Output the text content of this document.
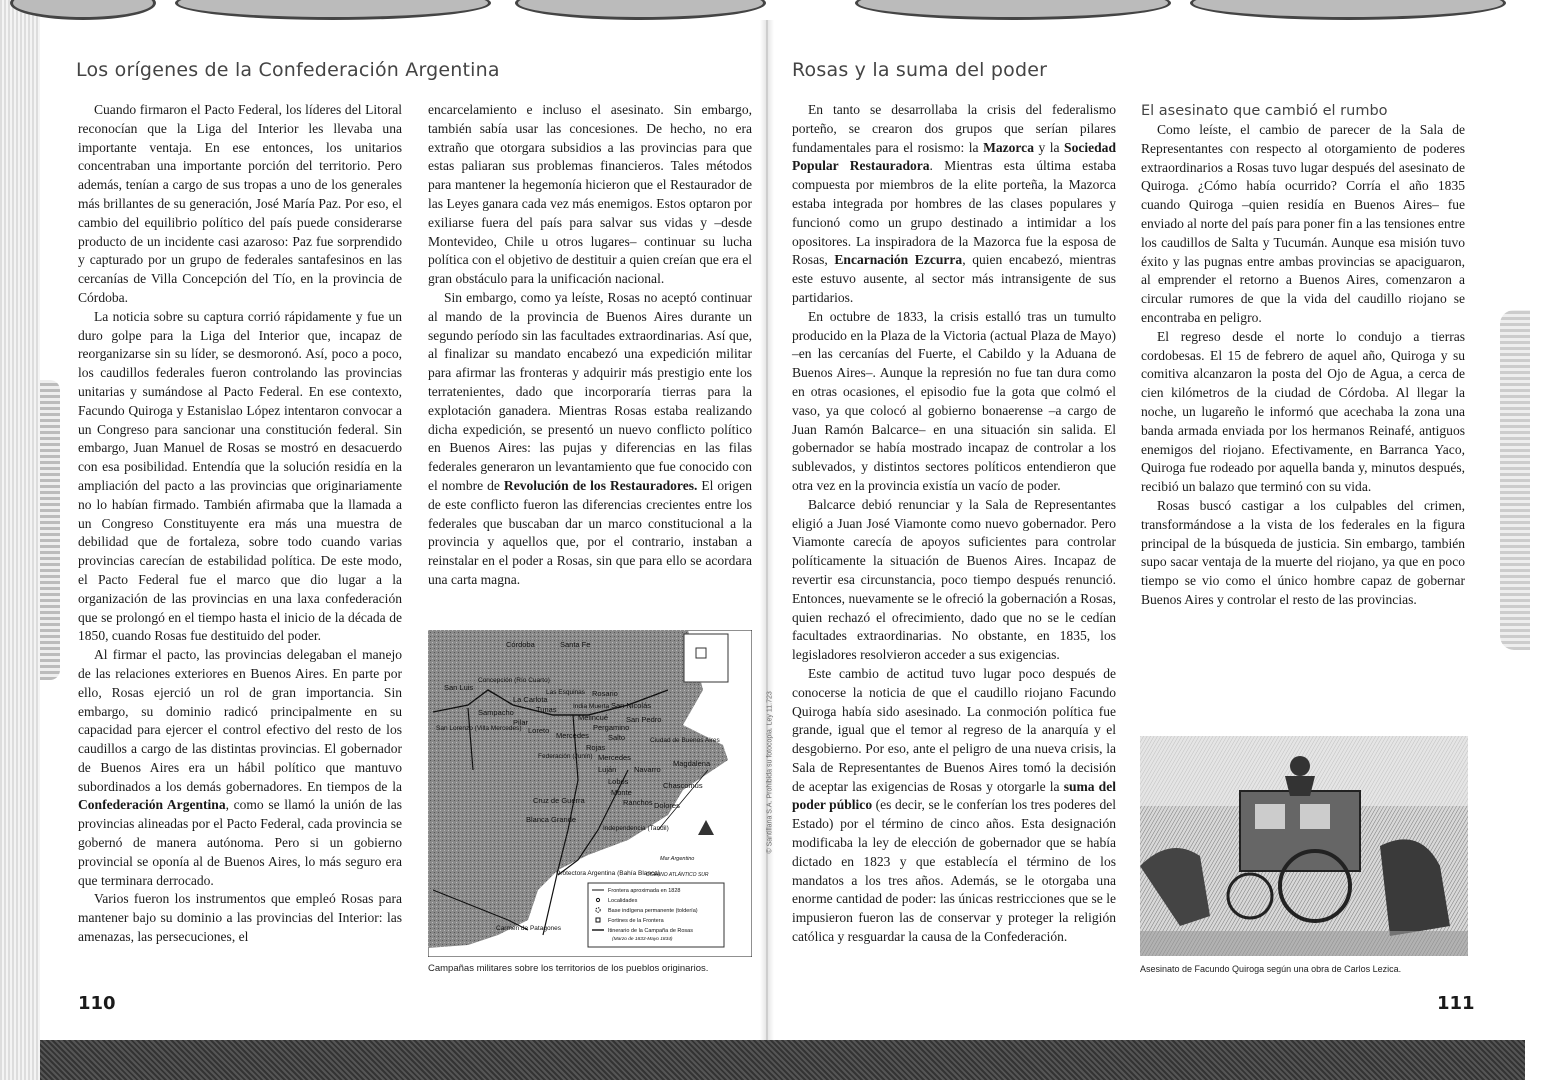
© Santillana S.A. Prohibida su fotocopia. Ley 11.723
Los orígenes de la Confederación Argentina

Cuando firmaron el Pacto Federal, los líderes del Litoral reconocían que la Liga del Interior les llevaba una importante ventaja. En ese entonces, los unitarios concentraban una importante porción del territorio. Pero además, tenían a cargo de sus tropas a uno de los generales más brillantes de su generación, José María Paz. Por eso, el cambio del equilibrio político del país puede considerarse producto de un incidente casi azaroso: Paz fue sorprendido y capturado por un grupo de federales santafesinos en las cercanías de Villa Concepción del Tío, en la provincia de Córdoba.

La noticia sobre su captura corrió rápidamente y fue un duro golpe para la Liga del Interior que, incapaz de reorganizarse sin su líder, se desmoronó. Así, poco a poco, los caudillos federales fueron controlando las provincias unitarias y sumándose al Pacto Federal. En ese contexto, Facundo Quiroga y Estanislao López intentaron convocar a un Congreso para sancionar una constitución federal. Sin embargo, Juan Manuel de Rosas se mostró en desacuerdo con esa posibilidad. Entendía que la solución residía en la ampliación del pacto a las provincias que originariamente no lo habían firmado. También afirmaba que la llamada a un Congreso Constituyente era más una muestra de debilidad que de fortaleza, sobre todo cuando varias provincias carecían de estabilidad política. De este modo, el Pacto Federal fue el marco que dio lugar a la organización de las provincias en una laxa confederación que se prolongó en el tiempo hasta el inicio de la década de 1850, cuando Rosas fue destituido del poder.

Al firmar el pacto, las provincias delegaban el manejo de las relaciones exteriores en Buenos Aires. En parte por ello, Rosas ejerció un rol de gran importancia. Sin embargo, su dominio radicó principalmente en su capacidad para ejercer el control efectivo del resto de los caudillos a cargo de las distintas provincias. El gobernador de Buenos Aires era un hábil político que mantuvo subordinados a los demás gobernadores. En tiempos de la Confederación Argentina, como se llamó la unión de las provincias alineadas por el Pacto Federal, cada provincia se gobernó de manera autónoma. Pero si un gobierno provincial se oponía al de Buenos Aires, lo más seguro era que terminara derrocado.

Varios fueron los instrumentos que empleó Rosas para mantener bajo su dominio a las provincias del Interior: las amenazas, las persecuciones, el

encarcelamiento e incluso el asesinato. Sin embargo, también sabía usar las concesiones. De hecho, no era extraño que otorgara subsidios a las provincias para que estas paliaran sus problemas financieros. Tales métodos para mantener la hegemonía hicieron que el Restaurador de las Leyes ganara cada vez más enemigos. Estos optaron por exiliarse fuera del país para salvar sus vidas y –desde Montevideo, Chile u otros lugares– continuar su lucha política con el objetivo de destituir a quien creían que era el gran obstáculo para la unificación nacional.

Sin embargo, como ya leíste, Rosas no aceptó continuar al mando de la provincia de Buenos Aires durante un segundo período sin las facultades extraordinarias. Así que, al finalizar su mandato encabezó una expedición militar para afirmar las fronteras y adquirir más prestigio ente los terratenientes, dado que incorporaría tierras para la explotación ganadera. Mientras Rosas estaba realizando dicha expedición, se presentó un nuevo conflicto político en Buenos Aires: las pujas y diferencias en las filas federales generaron un levantamiento que fue conocido con el nombre de Revolución de los Restauradores. El origen de este conflicto fueron las diferencias crecientes entre los federales que buscaban dar un marco constitucional a la provincia y aquellos que, por el contrario, instaban a reinstalar en el poder a Rosas, sin que para ello se acordara una carta magna.

Córdoba	Santa Fe
San Luis
Concepción (Río Cuarto)
La Carlota
Las Esquinas Rosario
San Nicolás
San Pedro
Tunas	India Muerta
Melincué
Pergamino
Sampacho
Pilar
Loreto
Mercedes	Salto
San Lorenzo (Villa Mercedes)
Rojas
Federación (Junín)
Ciudad de Buenos Aires
Mercedes
Luján Navarro
Lobos
Magdalena
Monte
Ranchos
Chascomús
Cruz de Guerra
Blanca Grande
Dolores
Independencia (Tandil)
Protectora Argentina (Bahía Blanca)
Carmen de Patagones
Mar Argentino
OCÉANO ATLÁNTICO SUR
Frontera aproximada en 1828
Localidades
Base indígena permanente (toldería)
Fortines de la Frontera
Itinerario de la Campaña de Rosas
(Marzo de 1833-Mayo 1834)
Campañas militares sobre los territorios de los pueblos originarios.
110
Rosas y la suma del poder

En tanto se desarrollaba la crisis del federalismo porteño, se crearon dos grupos que serían pilares fundamentales para el rosismo: la Mazorca y la Sociedad Popular Restauradora. Mientras esta última estaba compuesta por miembros de la elite porteña, la Mazorca estaba integrada por hombres de las clases populares y funcionó como un grupo destinado a intimidar a los opositores. La inspiradora de la Mazorca fue la esposa de Rosas, Encarnación Ezcurra, quien encabezó, mientras este estuvo ausente, al sector más intransigente de sus partidarios.

En octubre de 1833, la crisis estalló tras un tumulto producido en la Plaza de la Victoria (actual Plaza de Mayo) –en las cercanías del Fuerte, el Cabildo y la Aduana de Buenos Aires–. Aunque la represión no fue tan dura como en otras ocasiones, el episodio fue la gota que colmó el vaso, ya que colocó al gobierno bonaerense –a cargo de Juan Ramón Balcarce– en una situación sin salida. El gobernador se había mostrado incapaz de controlar a los sublevados, y distintos sectores políticos entendieron que otra vez en la provincia existía un vacío de poder.

Balcarce debió renunciar y la Sala de Representantes eligió a Juan José Viamonte como nuevo gobernador. Pero Viamonte carecía de apoyos suficientes para controlar políticamente la situación de Buenos Aires. Incapaz de revertir esa circunstancia, poco tiempo después renunció. Entonces, nuevamente se le ofreció la gobernación a Rosas, quien rechazó el ofrecimiento, dado que no se le cedían facultades extraordinarias. No obstante, en 1835, los legisladores resolvieron acceder a sus exigencias.

Este cambio de actitud tuvo lugar poco después de conocerse la noticia de que el caudillo riojano Facundo Quiroga había sido asesinado. La conmoción política fue grande, igual que el temor al regreso de la anarquía y el desgobierno. Por eso, ante el peligro de una nueva crisis, la Sala de Representantes de Buenos Aires tomó la decisión de aceptar las exigencias de Rosas y otorgarle la suma del poder público (es decir, se le conferían los tres poderes del Estado) por el término de cinco años. Esta designación modificaba la ley de elección de gobernador que se había dictado en 1823 y que establecía el término de los mandatos a los tres años. Además, se le otorgaba una enorme cantidad de poder: las únicas restricciones que se le impusieron fueron las de conservar y proteger la religión católica y resguardar la causa de la Confederación.

El asesinato que cambió el rumbo

Como leíste, el cambio de parecer de la Sala de Representantes con respecto al otorgamiento de poderes extraordinarios a Rosas tuvo lugar después del asesinato de Quiroga. ¿Cómo había ocurrido? Corría el año 1835 cuando Quiroga –quien residía en Buenos Aires– fue enviado al norte del país para poner fin a las tensiones entre los caudillos de Salta y Tucumán. Aunque esa misión tuvo éxito y las pugnas entre ambas provincias se apaciguaron, al emprender el retorno a Buenos Aires, comenzaron a circular rumores de que la vida del caudillo riojano se encontraba en peligro.

El regreso desde el norte lo condujo a tierras cordobesas. El 15 de febrero de aquel año, Quiroga y su comitiva alcanzaron la posta del Ojo de Agua, a cerca de cien kilómetros de la ciudad de Córdoba. Al llegar la noche, un lugareño le informó que acechaba la zona una banda armada enviada por los hermanos Reinafé, antiguos enemigos del riojano. Efectivamente, en Barranca Yaco, Quiroga fue rodeado por aquella banda y, minutos después, recibió un balazo que terminó con su vida.

Rosas buscó castigar a los culpables del crimen, transformándose a la vista de los federales en la figura principal de la búsqueda de justicia. Sin embargo, también supo sacar ventaja de la muerte del riojano, ya que en poco tiempo se vio como el único hombre capaz de gobernar Buenos Aires y controlar el resto de las provincias.

Asesinato de Facundo Quiroga según una obra de Carlos Lezica.
111
